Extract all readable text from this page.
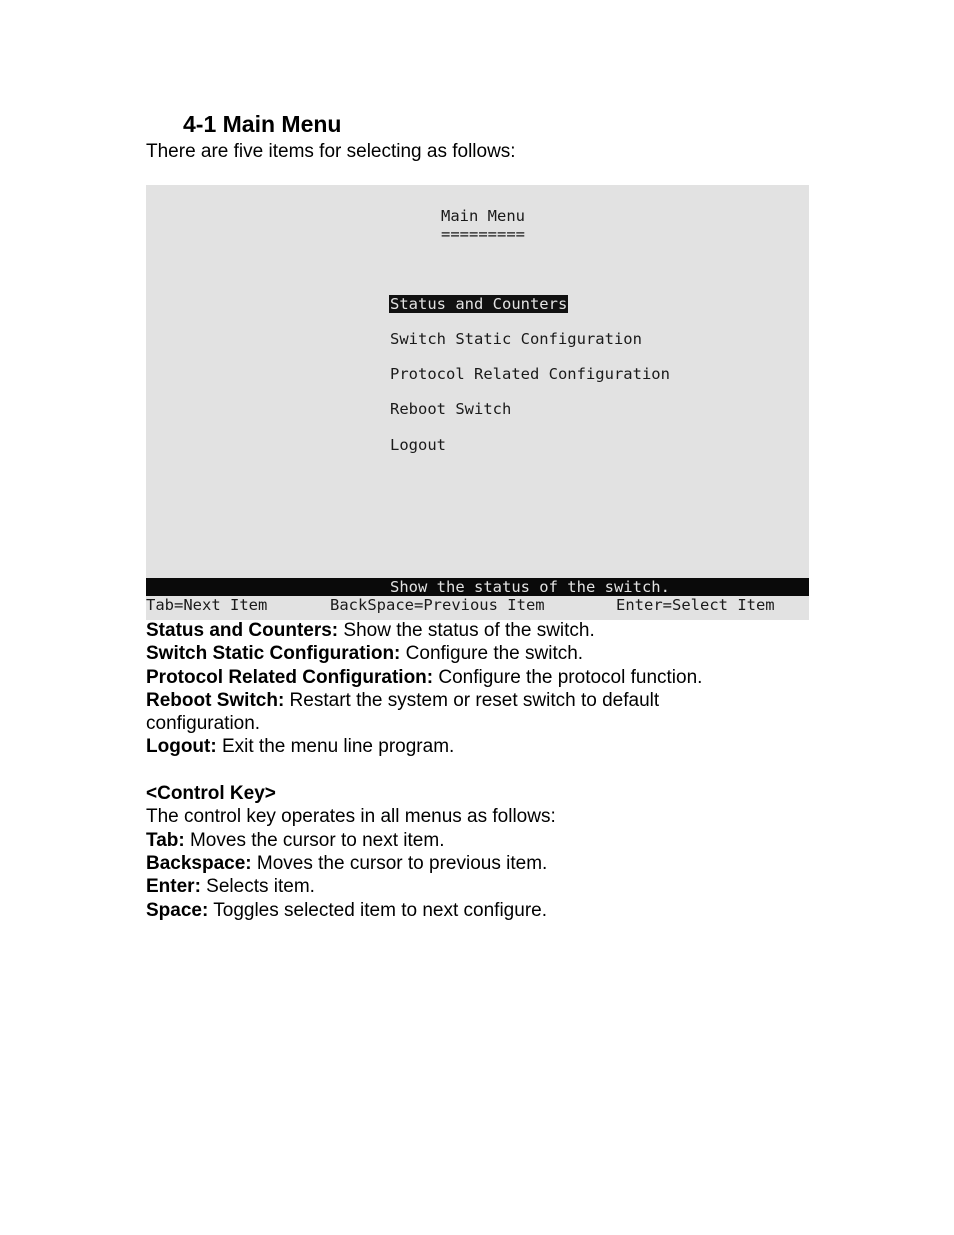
4-1 Main Menu
There are five items for selecting as follows:
Main Menu
=========
Status and Counters
Switch Static Configuration
Protocol Related Configuration
Reboot Switch
Logout
Show the status of the switch.
Tab=Next Item	BackSpace=Previous Item	Enter=Select Item
Status and Counters: Show the status of the switch.
Switch Static Configuration: Configure the switch.
Protocol Related Configuration: Configure the protocol function.
Reboot Switch: Restart the system or reset switch to default
configuration.
Logout: Exit the menu line program.
<Control Key>
The control key operates in all menus as follows:
Tab: Moves the cursor to next item.
Backspace: Moves the cursor to previous item.
Enter: Selects item.
Space: Toggles selected item to next configure.
